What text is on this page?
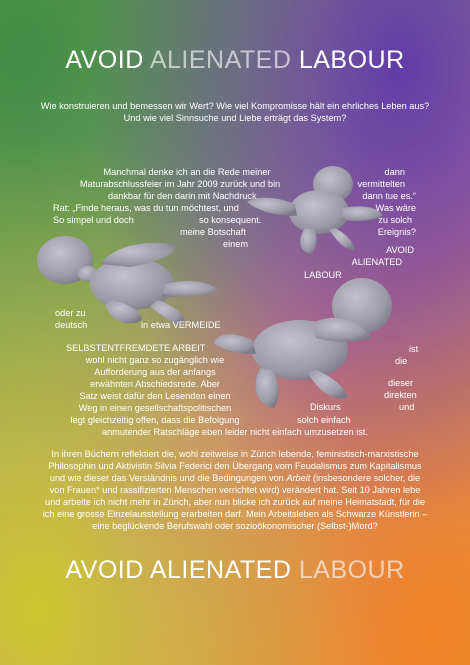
AVOID ALIENATED LABOUR

Wie konstruieren und bemessen wir Wert? Wie viel Kompromisse hält ein ehrliches Leben aus? Und wie viel Sinnsuche und Liebe erträgt das System?

Manchmal denke ich an die Rede meiner

Maturabschlussfeier im Jahr 2009 zurück und bin

dankbar für den darin mit Nachdruck

Rat: „Finde heraus, was du tun möchtest, und

So simpel und doch	so konsequent.

meine Botschaft

einem

dann

vermittelten

dann tue es.“

Was wäre

zu solch

Ereignis?

AVOID

ALIENATED

LABOUR

oder zu

deutsch	in etwa VERMEIDE

SELBSTENTFREMDETE ARBEIT	ist

die

dieser

direkten

Diskurs	und

wohl nicht ganz so zugänglich wie

Aufforderung aus der anfangs

erwähnten Abschiedsrede. Aber

Satz weist dafür den Lesenden einen

Weg in einen gesellschaftspolitischen

legt gleichzeitig offen, dass die Befolgung	solch einfach

anmutender Ratschläge eben leider nicht einfach umzusetzen ist.

In ihren Büchern reflektiert die, wohl zeitweise in Zürich lebende, feministisch-marxistische Philosophin und Aktivistin Silvia Federici den Übergang vom Feudalismus zum Kapitalismus und wie dieser das Verständnis und die Bedingungen von Arbeit (insbesondere solcher, die von Frauen* und rassifizierten Menschen verrichtet wird) verändert hat. Seit 10 Jahren lebe und arbeite ich nicht mehr in Zürich, aber nun blicke ich zurück auf meine Heimatstadt, für die ich eine grosse Einzelausstellung erarbeiten darf. Mein Arbeitsleben als Schwarze Künstlerin – eine beglückende Berufswahl oder sozioökonomischer (Selbst-)Mord?

AVOID ALIENATED LABOUR
